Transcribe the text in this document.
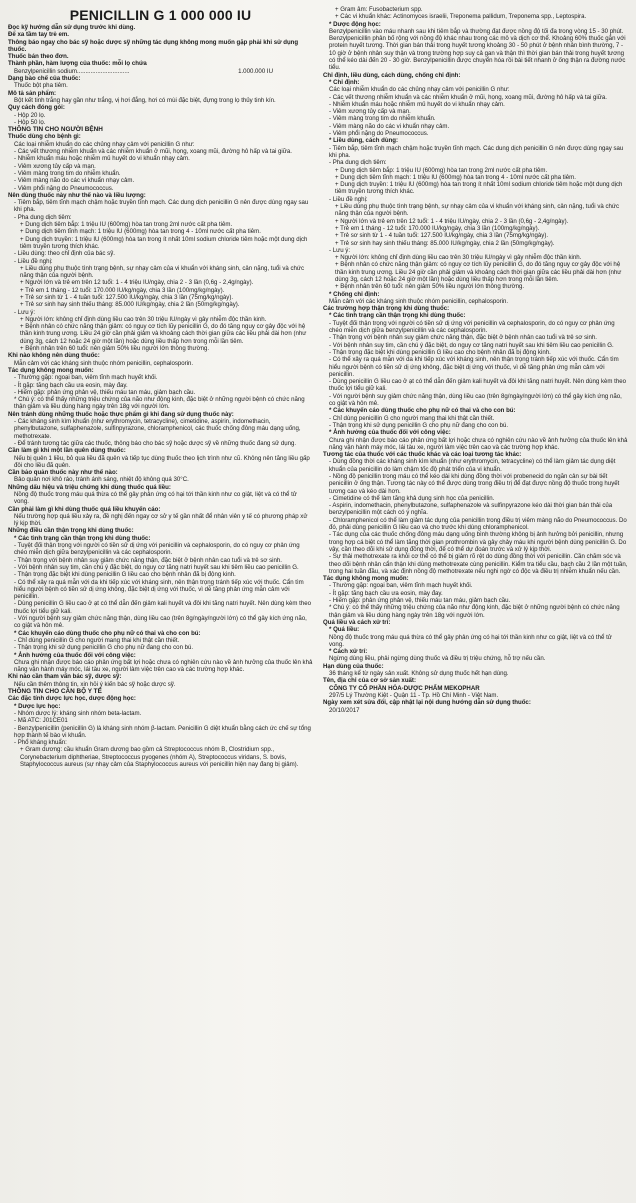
PENICILLIN G 1 000 000 IU
Đọc kỹ hướng dẫn sử dụng trước khi dùng.
Để xa tầm tay trẻ em.
Thông báo ngay cho bác sỹ hoặc dược sỹ những tác dụng không mong muốn gặp phải khi sử dụng thuốc.
Thuốc bán theo đơn.
Thành phần, hàm lượng của thuốc: mỗi lọ chứa
Benzylpenicillin sodium...............................	1.000.000 IU
Dạng bào chế của thuốc:
Thuốc bột pha tiêm.
Mô tả sản phẩm:
Bột kết tinh trắng hay gần như trắng, vị hơi đắng, hơi có mùi đặc biệt, đựng trong lọ thủy tinh kín.
Quy cách đóng gói:
- Hộp 20 lọ.
- Hộp 50 lọ.
THÔNG TIN CHO NGƯỜI BỆNH
Thuốc dùng cho bệnh gì:
Các loại nhiễm khuẩn do các chủng nhạy cảm với penicillin G như:
- Các vết thương nhiễm khuẩn và các nhiễm khuẩn ở mũi, họng, xoang mũi, đường hô hấp và tai giữa.
- Nhiễm khuẩn máu hoặc nhiễm mủ huyết do vi khuẩn nhạy cảm.
- Viêm xương tủy cấp và mạn.
- Viêm màng trong tim do nhiễm khuẩn.
- Viêm màng não do các vi khuẩn nhạy cảm.
- Viêm phổi nặng do Pneumococcus.
Nên dùng thuốc này như thế nào và liều lượng:
- Tiêm bắp, tiêm tĩnh mạch chậm hoặc truyền tĩnh mạch. Các dung dịch penicillin G nên được dùng ngay sau khi pha.
- Pha dung dịch tiêm:
+ Dung dịch tiêm bắp: 1 triệu IU (600mg) hòa tan trong 2ml nước cất pha tiêm.
+ Dung dịch tiêm tĩnh mạch: 1 triệu IU (600mg) hòa tan trong 4 - 10ml nước cất pha tiêm.
+ Dung dịch truyền: 1 triệu IU (600mg) hòa tan trong ít nhất 10ml sodium chloride tiêm hoặc một dung dịch tiêm truyền tương thích khác.
- Liều dùng: theo chỉ định của bác sỹ.
- Liều đề nghị:
+ Liều dùng phụ thuộc tình trạng bệnh, sự nhạy cảm của vi khuẩn với kháng sinh, cân nặng, tuổi và chức năng thận của người bệnh.
+ Người lớn và trẻ em trên 12 tuổi: 1 - 4 triệu IU/ngày, chia 2 - 3 lần (0,6g - 2,4g/ngày).
+ Trẻ em 1 tháng - 12 tuổi: 170.000 IU/kg/ngày, chia 3 lần (100mg/kg/ngày).
+ Trẻ sơ sinh từ 1 - 4 tuần tuổi: 127.500 IU/kg/ngày, chia 3 lần (75mg/kg/ngày).
+ Trẻ sơ sinh hay sinh thiếu tháng: 85.000 IU/kg/ngày, chia 2 lần (50mg/kg/ngày).
- Lưu ý:
+ Người lớn: không chỉ định dùng liều cao trên 30 triệu IU/ngày vì gây nhiễm độc thần kinh.
+ Bệnh nhân có chức năng thận giảm: có nguy cơ tích lũy penicillin G, do đó tăng nguy cơ gây độc với hệ thần kinh trung ương. Liều 24 giờ cần phải giảm và khoảng cách thời gian giữa các liều phải dài hơn (như dùng 3g, cách 12 hoặc 24 giờ một lần) hoặc dùng liều thấp hơn trong mỗi lần tiêm.
+ Bệnh nhân trên 60 tuổi: nên giảm 50% liều người lớn thông thường.
Khi nào không nên dùng thuốc:
Mẫn cảm với các kháng sinh thuộc nhóm penicillin, cephalosporin.
Tác dụng không mong muốn:
- Thường gặp: ngoại ban, viêm tĩnh mạch huyết khối.
- Ít gặp: tăng bạch cầu ưa eosin, mày đay.
- Hiếm gặp: phản ứng phản vệ, thiếu máu tan máu, giảm bạch cầu.
* Chú ý: có thể thấy những triệu chứng của não như động kinh, đặc biệt ở những người bệnh có chức năng thận giảm và liều dùng hàng ngày trên 18g với người lớn.
Nên tránh dùng những thuốc hoặc thực phẩm gì khi đang sử dụng thuốc này:
- Các kháng sinh kìm khuẩn (như erythromycin, tetracycline), cimetidine, aspirin, indomethacin, phenylbutazone, sulfaphenazole, sulfinpyrazone, chloramphenicol, các thuốc chống đông máu dạng uống, methotrexate.
- Để tránh tương tác giữa các thuốc, thông báo cho bác sỹ hoặc dược sỹ về những thuốc đang sử dụng.
Cần làm gì khi một lần quên dùng thuốc:
Nếu bị quên 1 liều, bỏ qua liều đã quên và tiếp tục dùng thuốc theo lịch trình như cũ. Không nên tăng liều gấp đôi cho liều đã quên.
Cần bảo quản thuốc này như thế nào:
Bảo quản nơi khô ráo, tránh ánh sáng, nhiệt độ không quá 30°C.
Những dấu hiệu và triệu chứng khi dùng thuốc quá liều:
Nồng độ thuốc trong máu quá thừa có thể gây phản ứng có hại tới thần kinh như co giật, liệt và có thể tử vong.
Cần phải làm gì khi dùng thuốc quá liều khuyến cáo:
Nếu trường hợp quá liều xảy ra, đề nghị đến ngay cơ sở y tế gần nhất để nhân viên y tế có phương pháp xử lý kịp thời.
Những điều cần thận trọng khi dùng thuốc:
* Các tình trạng cần thận trọng khi dùng thuốc:
- Tuyệt đối thận trọng với người có tiền sử dị ứng với penicillin và cephalosporin, do có nguy cơ phản ứng chéo miễn dịch giữa benzylpenicillin và các cephalosporin.
- Thận trọng với bệnh nhân suy giảm chức năng thận, đặc biệt ở bệnh nhân cao tuổi và trẻ sơ sinh.
- Với bệnh nhân suy tim, cần chú ý đặc biệt, do nguy cơ tăng natri huyết sau khi tiêm liều cao penicillin G.
- Thận trọng đặc biệt khi dùng penicillin G liều cao cho bệnh nhân đã bị động kinh.
- Có thể xảy ra quá mẫn với da khi tiếp xúc với kháng sinh, nên thận trọng tránh tiếp xúc với thuốc. Cẩn tìm hiểu người bệnh có tiền sử dị ứng không, đặc biệt dị ứng với thuốc, vì dễ tăng phản ứng mẫn cảm với penicillin.
- Dùng penicillin G liều cao ở ạt có thể dẫn đến giảm kali huyết và đôi khi tăng natri huyết. Nên dùng kèm theo thuốc lợi tiểu giữ kali.
- Với người bệnh suy giảm chức năng thận, dùng liều cao (trên 8g/ngày/người lớn) có thể gây kích ứng não, co giật và hôn mê.
* Các khuyến cáo dùng thuốc cho phụ nữ có thai và cho con bú:
- Chỉ dùng penicillin G cho người mang thai khi thật cần thiết.
- Thận trọng khi sử dụng penicillin G cho phụ nữ đang cho con bú.
* Ảnh hưởng của thuốc đối với công việc:
Chưa ghi nhận được báo cáo phản ứng bất lợi hoặc chưa có nghiên cứu nào về ảnh hưởng của thuốc lên khả năng vận hành máy móc, lái tàu xe, người làm việc trên cao và các trường hợp khác.
Khi nào cần tham vấn bác sỹ, dược sỹ:
Nếu cần thêm thông tin, xin hỏi ý kiến bác sỹ hoặc dược sỹ.
THÔNG TIN CHO CÁN BỘ Y TẾ
Các đặc tính dược lực học, dược động học:
* Dược lực học:
- Nhóm dược lý: kháng sinh nhóm beta-lactam.
- Mã ATC: J01CE01
- Benzylpenicillin (penicillin G) là kháng sinh nhóm β-lactam. Penicillin G diệt khuẩn bằng cách ức chế sự tổng hợp thành tế bào vi khuẩn.
- Phổ kháng khuẩn:
+ Gram dương: cầu khuẩn Gram dương bao gồm cả Streptococcus nhóm B, Clostridium spp., Corynebacterium diphtheriae, Streptococcus pyogenes (nhóm A), Streptococcus viridans, S. bovis, Staphylococcus aureus (sự nhạy cảm của Staphylococcus aureus với penicillin hiện nay đang bị giảm).
+ Gram âm: Fusobacterium spp.
+ Các vi khuẩn khác: Actinomyces israelii, Treponema pallidum, Treponema spp., Leptospira.
* Dược động học:
Benzylpenicillin vào máu nhanh sau khi tiêm bắp và thường đạt được nồng độ tối đa trong vòng 15 - 30 phút. Benzylpenicillin phân bố rộng với nồng độ khác nhau trong các mô và dịch cơ thể. Khoảng 60% thuốc gắn với protein huyết tương. Thời gian bán thải trong huyết tương khoảng 30 - 50 phút ở bệnh nhân bình thường, 7 - 10 giờ ở bệnh nhân suy thận và trong trường hợp suy cả gan và thận thì thời gian bán thải trong huyết tương có thể kéo dài đến 20 - 30 giờ. Benzylpenicillin được chuyển hóa rồi bài tiết nhanh ở ống thận ra đường nước tiểu.
Chỉ định, liều dùng, cách dùng, chống chỉ định:
* Chỉ định:
Các loại nhiễm khuẩn do các chủng nhạy cảm với penicillin G như:
- Các vết thương nhiễm khuẩn và các nhiễm khuẩn ở mũi, họng, xoang mũi, đường hô hấp và tai giữa.
- Nhiễm khuẩn máu hoặc nhiễm mủ huyết do vi khuẩn nhạy cảm.
- Viêm xương tủy cấp và mạn.
- Viêm màng trong tim do nhiễm khuẩn.
- Viêm màng não do các vi khuẩn nhạy cảm.
- Viêm phổi nặng do Pneumococcus.
* Liều dùng, cách dùng:
- Tiêm bắp, tiêm tĩnh mạch chậm hoặc truyền tĩnh mạch. Các dung dịch penicillin G nên được dùng ngay sau khi pha.
- Pha dung dịch tiêm:
+ Dung dịch tiêm bắp: 1 triệu IU (600mg) hòa tan trong 2ml nước cất pha tiêm.
+ Dung dịch tiêm tĩnh mạch: 1 triệu IU (600mg) hòa tan trong 4 - 10ml nước cất pha tiêm.
+ Dung dịch truyền: 1 triệu IU (600mg) hòa tan trong ít nhất 10ml sodium chloride tiêm hoặc một dung dịch tiêm truyền tương thích khác.
- Liều đề nghị:
+ Liều dùng phụ thuộc tình trạng bệnh, sự nhạy cảm của vi khuẩn với kháng sinh, cân nặng, tuổi và chức năng thận của người bệnh.
+ Người lớn và trẻ em trên 12 tuổi: 1 - 4 triệu IU/ngày, chia 2 - 3 lần (0,6g - 2,4g/ngày).
+ Trẻ em 1 tháng - 12 tuổi: 170.000 IU/kg/ngày, chia 3 lần (100mg/kg/ngày).
+ Trẻ sơ sinh từ 1 - 4 tuần tuổi: 127.500 IU/kg/ngày, chia 3 lần (75mg/kg/ngày).
+ Trẻ sơ sinh hay sinh thiếu tháng: 85.000 IU/kg/ngày, chia 2 lần (50mg/kg/ngày).
- Lưu ý:
+ Người lớn: không chỉ định dùng liều cao trên 30 triệu IU/ngày vì gây nhiễm độc thần kinh.
+ Bệnh nhân có chức năng thận giảm: có nguy cơ tích lũy penicillin G, do đó tăng nguy cơ gây độc với hệ thần kinh trung ương. Liều 24 giờ cần phải giảm và khoảng cách thời gian giữa các liều phải dài hơn (như dùng 3g, cách 12 hoặc 24 giờ một lần) hoặc dùng liều thấp hơn trong mỗi lần tiêm.
+ Bệnh nhân trên 60 tuổi: nên giảm 50% liều người lớn thông thường.
* Chống chỉ định:
Mẫn cảm với các kháng sinh thuộc nhóm penicillin, cephalosporin.
Các trường hợp thận trọng khi dùng thuốc:
* Các tình trạng cần thận trọng khi dùng thuốc:
- Tuyệt đối thận trọng với người có tiền sử dị ứng với penicillin và cephalosporin, do có nguy cơ phản ứng chéo miễn dịch giữa benzylpenicillin và các cephalosporin.
- Thận trọng với bệnh nhân suy giảm chức năng thận, đặc biệt ở bệnh nhân cao tuổi và trẻ sơ sinh.
- Với bệnh nhân suy tim, cần chú ý đặc biệt, do nguy cơ tăng natri huyết sau khi tiêm liều cao penicillin G.
- Thận trọng đặc biệt khi dùng penicillin G liều cao cho bệnh nhân đã bị động kinh.
- Có thể xảy ra quá mẫn với da khi tiếp xúc với kháng sinh, nên thận trọng tránh tiếp xúc với thuốc. Cẩn tìm hiểu người bệnh có tiền sử dị ứng không, đặc biệt dị ứng với thuốc, vì dễ tăng phản ứng mẫn cảm với penicillin.
- Dùng penicillin G liều cao ở ạt có thể dẫn đến giảm kali huyết và đôi khi tăng natri huyết. Nên dùng kèm theo thuốc lợi tiểu giữ kali.
- Với người bệnh suy giảm chức năng thận, dùng liều cao (trên 8g/ngày/người lớn) có thể gây kích ứng não, co giật và hôn mê.
* Các khuyến cáo dùng thuốc cho phụ nữ có thai và cho con bú:
- Chỉ dùng penicillin G cho người mang thai khi thật cần thiết.
- Thận trọng khi sử dụng penicillin G cho phụ nữ đang cho con bú.
* Ảnh hưởng của thuốc đối với công việc:
Chưa ghi nhận được báo cáo phản ứng bất lợi hoặc chưa có nghiên cứu nào về ảnh hưởng của thuốc lên khả năng vận hành máy móc, lái tàu xe, người làm việc trên cao và các trường hợp khác.
Tương tác của thuốc với các thuốc khác và các loại tương tác khác:
- Dùng đồng thời các kháng sinh kìm khuẩn (như erythromycin, tetracycline) có thể làm giảm tác dụng diệt khuẩn của penicillin do làm chậm tốc độ phát triển của vi khuẩn.
- Nồng độ penicillin trong máu có thể kéo dài khi dùng đồng thời với probenecid do ngăn cản sự bài tiết penicillin ở ống thận. Tương tác này có thể được dùng trong điều trị để đạt được nồng độ thuốc trong huyết tương cao và kéo dài hơn.
- Cimetidine có thể làm tăng khả dụng sinh học của penicillin.
- Aspirin, indomethacin, phenylbutazone, sulfaphenazole và sulfinpyrazone kéo dài thời gian bán thải của benzylpenicillin một cách có ý nghĩa.
- Chloramphenicol có thể làm giảm tác dụng của penicillin trong điều trị viêm màng não do Pneumococcus. Do đó, phải dùng penicillin G liều cao và cho trước khi dùng chloramphenicol.
- Tác dụng của các thuốc chống đông máu dạng uống bình thường không bị ảnh hưởng bởi penicillin, nhưng trong hợp cá biệt có thể làm tăng thời gian prothrombin và gây chảy máu khi người bệnh dùng penicillin G. Do vậy, cần theo dõi khi sử dụng đồng thời, để có thể dự đoán trước và xử lý kịp thời.
- Sự thải methotrexate ra khỏi cơ thể có thể bị giảm rõ rệt do dùng đồng thời với penicillin. Cần chăm sóc và theo dõi bệnh nhân cẩn thận khi dùng methotrexate cùng penicillin. Kiểm tra tiểu cầu, bạch cầu 2 lần một tuần, trong hai tuần đầu, và xác định nồng độ methotrexate nếu nghi ngờ có độc và điều trị nhiễm khuẩn nếu cần.
Tác dụng không mong muốn:
- Thường gặp: ngoại ban, viêm tĩnh mạch huyết khối.
- Ít gặp: tăng bạch cầu ưa eosin, mày đay.
- Hiếm gặp: phản ứng phản vệ, thiếu máu tan máu, giảm bạch cầu.
* Chú ý: có thể thấy những triệu chứng của não như động kinh, đặc biệt ở những người bệnh có chức năng thận giảm và liều dùng hàng ngày trên 18g với người lớn.
Quá liều và cách xử trí:
* Quá liều:
Nồng độ thuốc trong máu quá thừa có thể gây phản ứng có hại tới thần kinh như co giật, liệt và có thể tử vong.
* Cách xử trí:
Ngừng dùng liều, phải ngừng dùng thuốc và điều trị triệu chứng, hỗ trợ nếu cần.
Hạn dùng của thuốc:
36 tháng kể từ ngày sản xuất. Không sử dụng thuốc hết hạn dùng.
Tên, địa chỉ của cơ sở sản xuất:
CÔNG TY CỔ PHẦN HÓA-DƯỢC PHẨM MEKOPHAR
297/5 Lý Thường Kiệt - Quận 11 - Tp. Hồ Chí Minh - Việt Nam.
Ngày xem xét sửa đổi, cập nhật lại nội dung hướng dẫn sử dụng thuốc:
20/10/2017
